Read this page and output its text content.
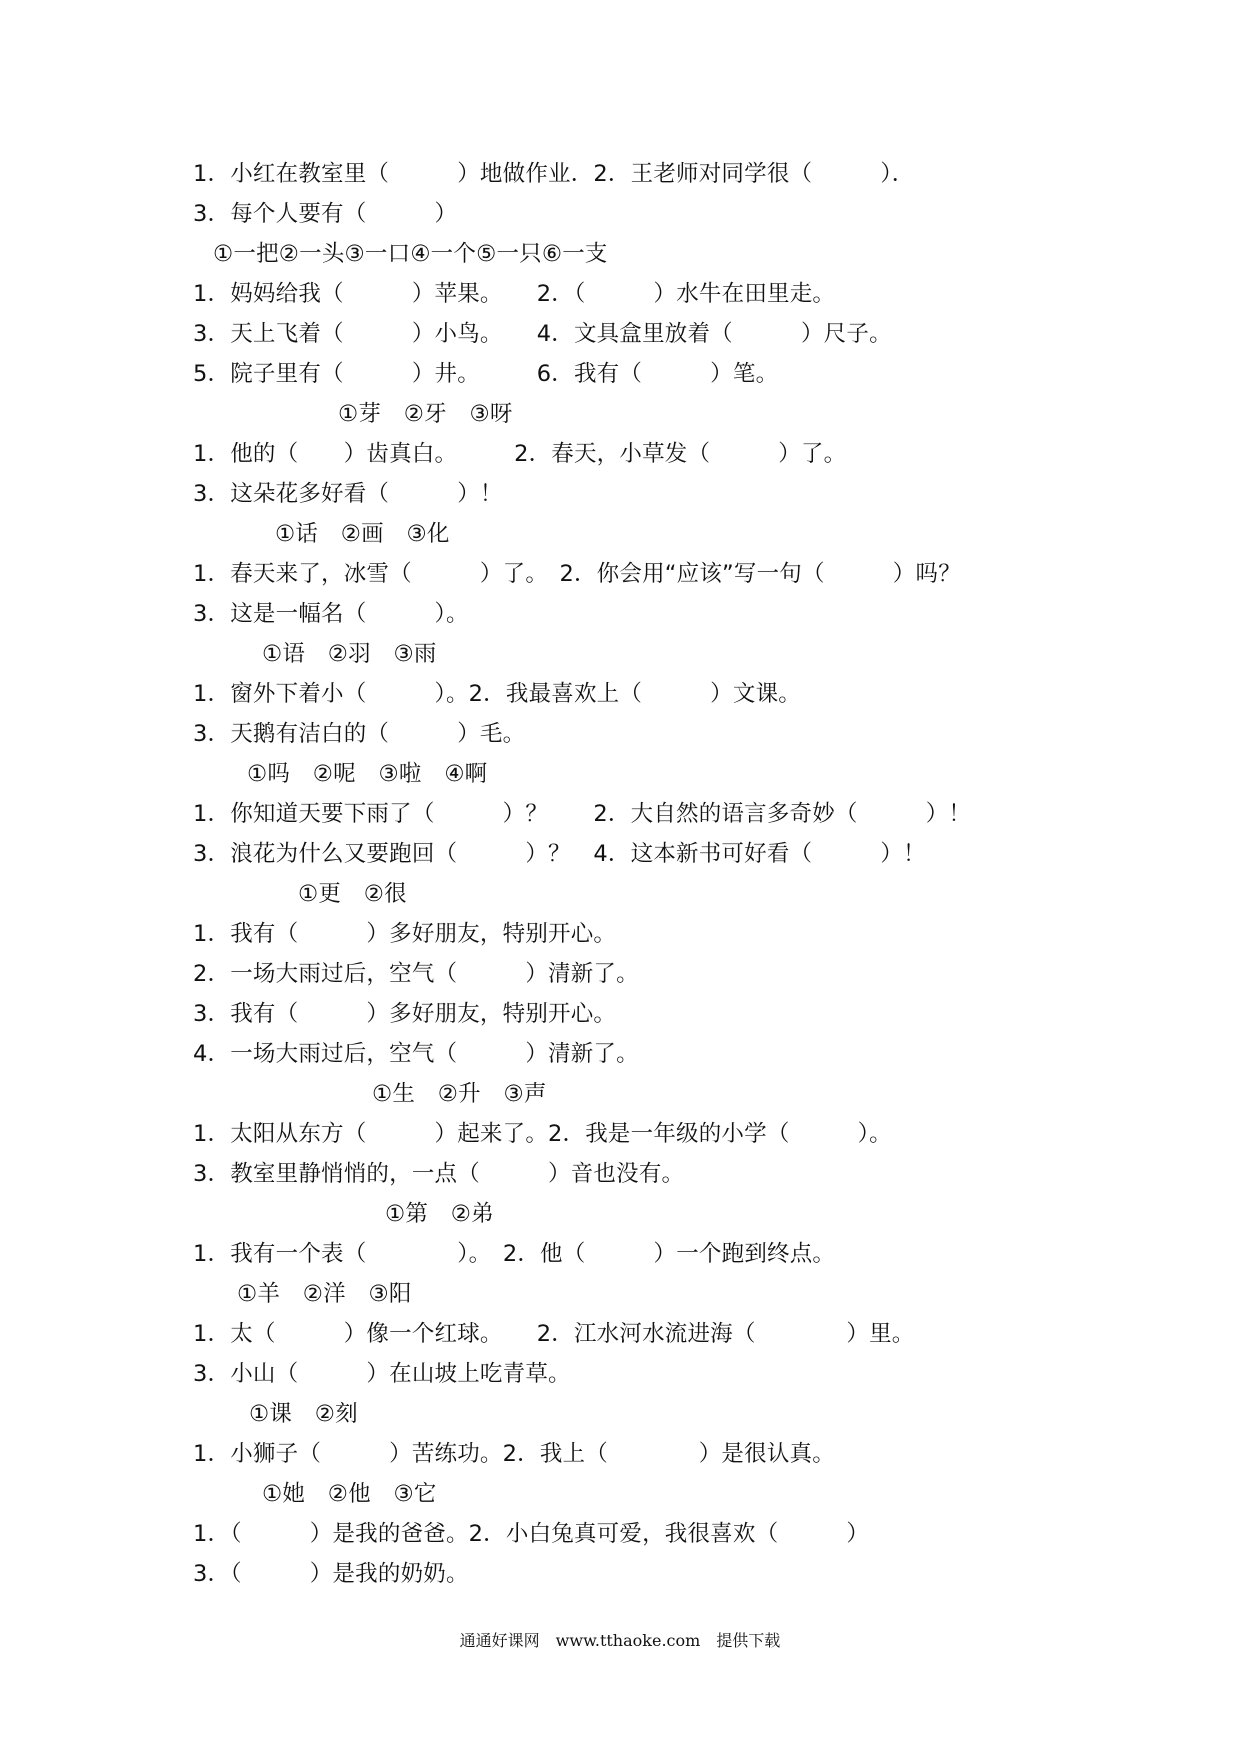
1．小红在教室里（　　　）地做作业．2．王老师对同学很（　　　）．
3．每个人要有（　　　）
①一把②一头③一口④一个⑤一只⑥一支
1．妈妈给我（　　　）苹果。　　2．（　　　）水牛在田里走。
3．天上飞着（　　　）小鸟。　　4．文具盒里放着（　　　）尺子。
5．院子里有（　　　）井。　　　6．我有（　　　）笔。
①芽　②牙　③呀
1．他的（　　）齿真白。　　　2．春天，小草发（　　　）了。
3．这朵花多好看（　　　）！
①话　②画　③化
1．春天来了，冰雪（　　　）了。　2．你会用“应该”写一句（　　　）吗？
3．这是一幅名（　　　）。
①语　②羽　③雨
1．窗外下着小（　　　）。2．我最喜欢上（　　　）文课。
3．天鹅有洁白的（　　　）毛。
①吗　②呢　③啦　④啊
1．你知道天要下雨了（　　　）？　　2．大自然的语言多奇妙（　　　）！
3．浪花为什么又要跑回（　　　）？　4．这本新书可好看（　　　）！
①更　②很
1．我有（　　　）多好朋友，特别开心。
2．一场大雨过后，空气（　　　）清新了。
3．我有（　　　）多好朋友，特别开心。
4．一场大雨过后，空气（　　　）清新了。
①生　②升　③声
1．太阳从东方（　　　）起来了。2．我是一年级的小学（　　　）。
3．教室里静悄悄的，一点（　　　）音也没有。
①第　②弟
1．我有一个表（　　　　）。　2．他（　　　）一个跑到终点。
①羊　②洋　③阳
1．太（　　　）像一个红球。　　2．江水河水流进海（　　　　）里。
3．小山（　　　）在山坡上吃青草。
①课　②刻
1．小狮子（　　　）苦练功。2．我上（　　　　）是很认真。
①她　②他　③它
1．（　　　）是我的爸爸。2．小白兔真可爱，我很喜欢（　　　）
3．（　　　）是我的奶奶。
通通好课网　www.tthaoke.com　提供下载
